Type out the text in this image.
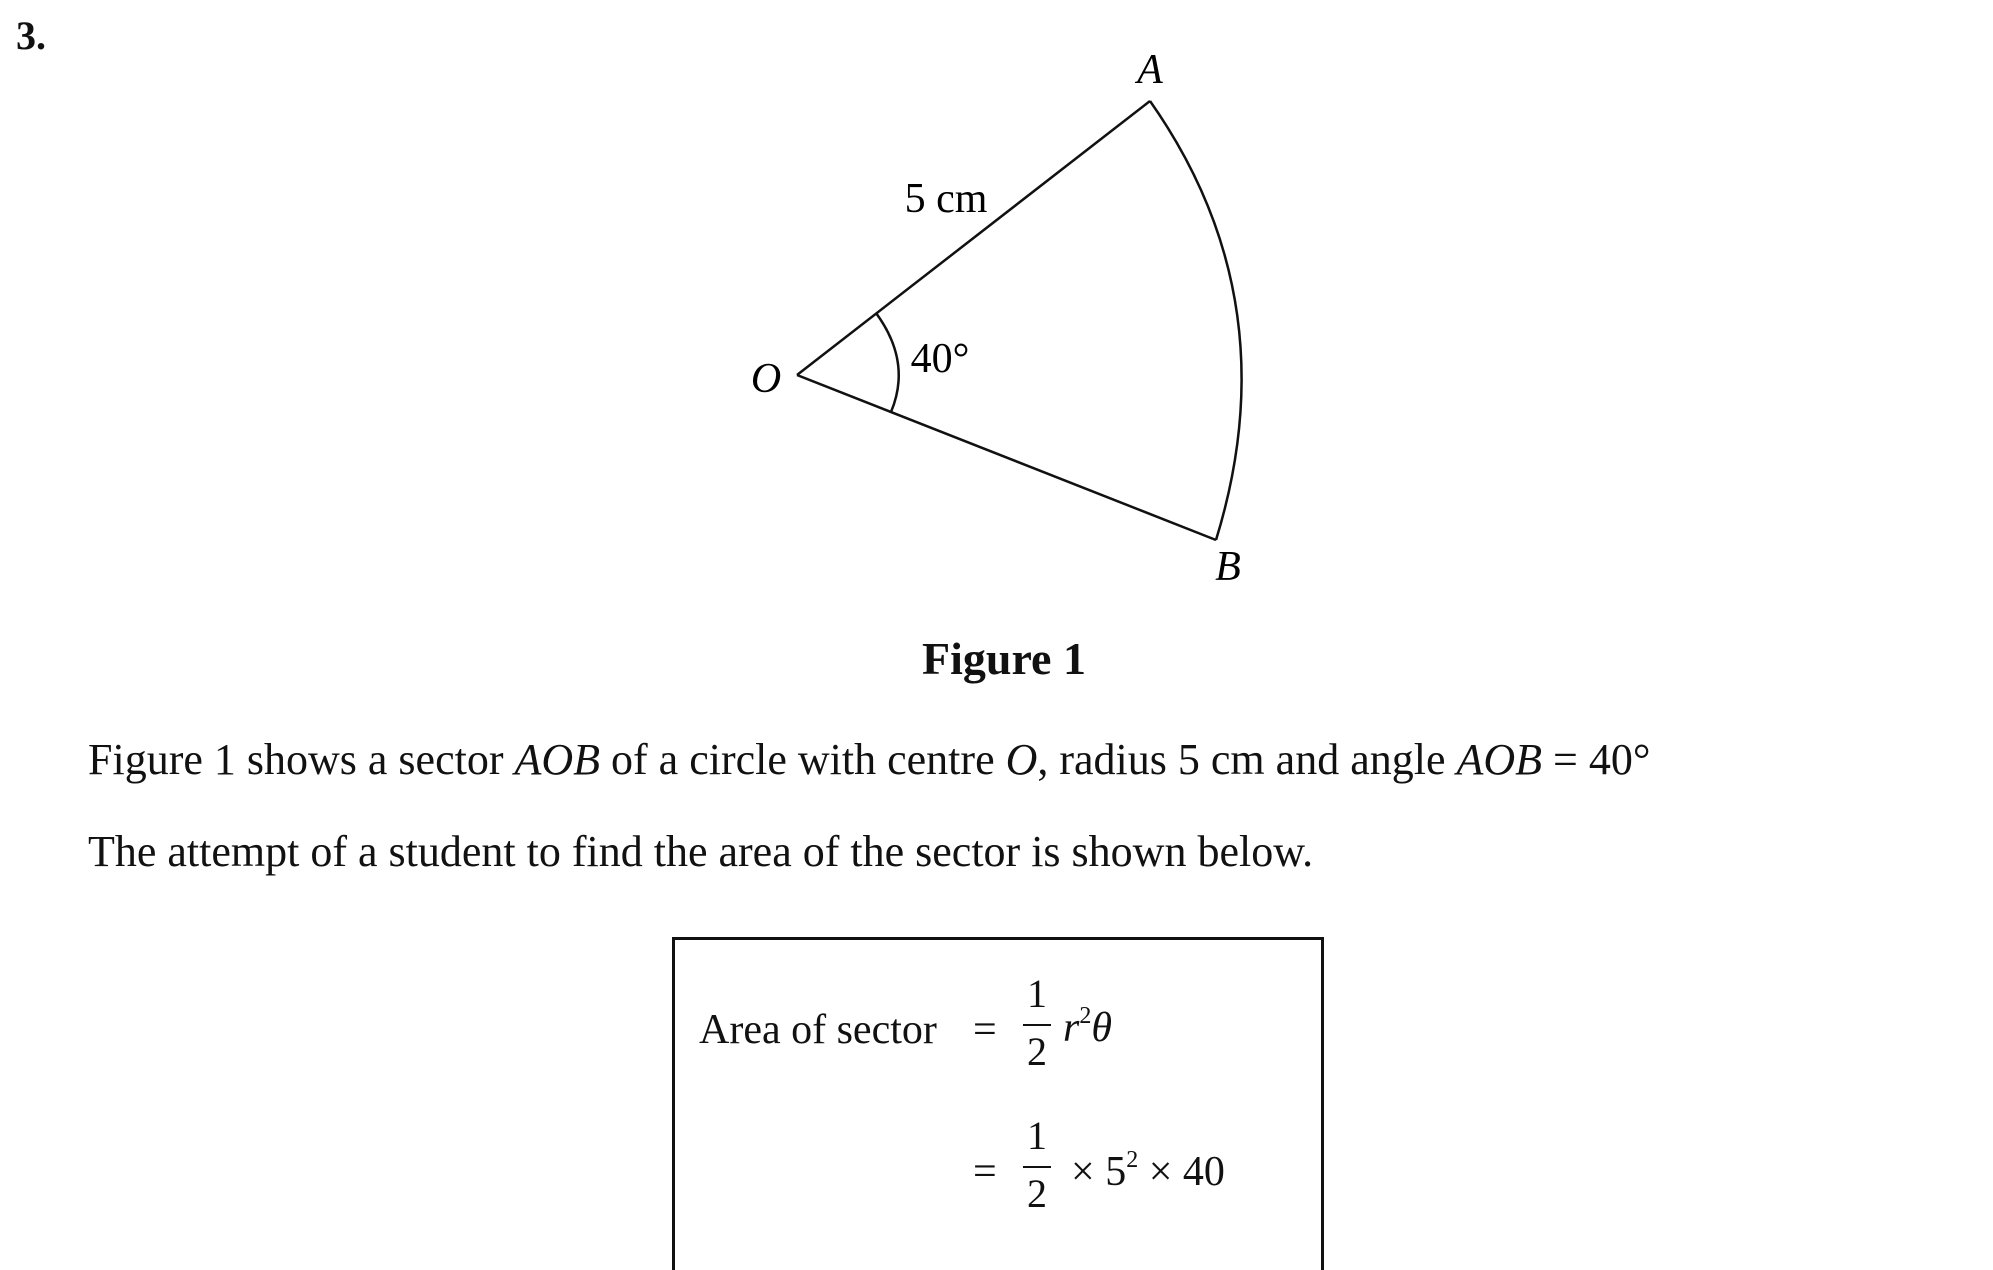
3.
A
B
O
5 cm
40°
Figure 1
Figure 1 shows a sector AOB of a circle with centre O, radius 5 cm and angle AOB = 40°
The attempt of a student to find the area of the sector is shown below.
Area of sector =
1
2
$r^2\theta$
=
1
$2 \times 5^2 \times 40$
